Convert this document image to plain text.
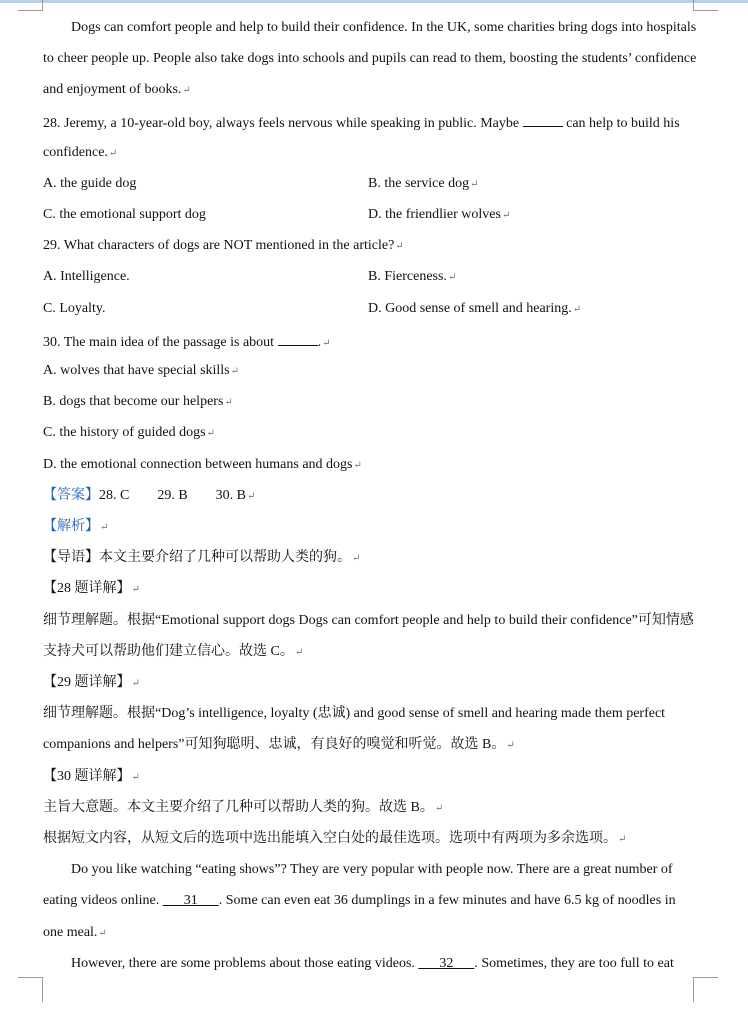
Dogs can comfort people and help to build their confidence. In the UK, some charities bring dogs into hospitals
to cheer people up. People also take dogs into schools and pupils can read to them, boosting the students’ confidence
and enjoyment of books.↵
28. Jeremy, a 10-year-old boy, always feels nervous while speaking in public. Maybe	can help to build his
confidence.↵
A. the guide dog	B. the service dog↵
C. the emotional support dog	D. the friendlier wolves↵
29. What characters of dogs are NOT mentioned in the article?↵
A. Intelligence.	B. Fierceness.↵
C. Loyalty.	D. Good sense of smell and hearing.↵
30. The main idea of the passage is about	.↵
A. wolves that have special skills↵
B. dogs that become our helpers↵
C. the history of guided dogs↵
D. the emotional connection between humans and dogs↵
【答案】28. C        29. B        30. B↵
【解析】↵
【导语】本文主要介绍了几种可以帮助人类的狗。↵
【28 题详解】↵
细节理解题。根据“Emotional support dogs Dogs can comfort people and help to build their confidence”可知情感
支持犬可以帮助他们建立信心。故选 C。↵
【29 题详解】↵
细节理解题。根据“Dog’s intelligence, loyalty (忠诚) and good sense of smell and hearing made them perfect
companions and helpers”可知狗聪明、忠诚，有良好的嗅觉和听觉。故选 B。↵
【30 题详解】↵
主旨大意题。本文主要介绍了几种可以帮助人类的狗。故选 B。↵
根据短文内容，从短文后的选项中选出能填入空白处的最佳选项。选项中有两项为多余选项。↵
Do you like watching “eating shows”? They are very popular with people now. There are a great number of
eating videos online.       31      . Some can even eat 36 dumplings in a few minutes and have 6.5 kg of noodles in
one meal.↵
However, there are some problems about those eating videos.       32      . Sometimes, they are too full to eat
